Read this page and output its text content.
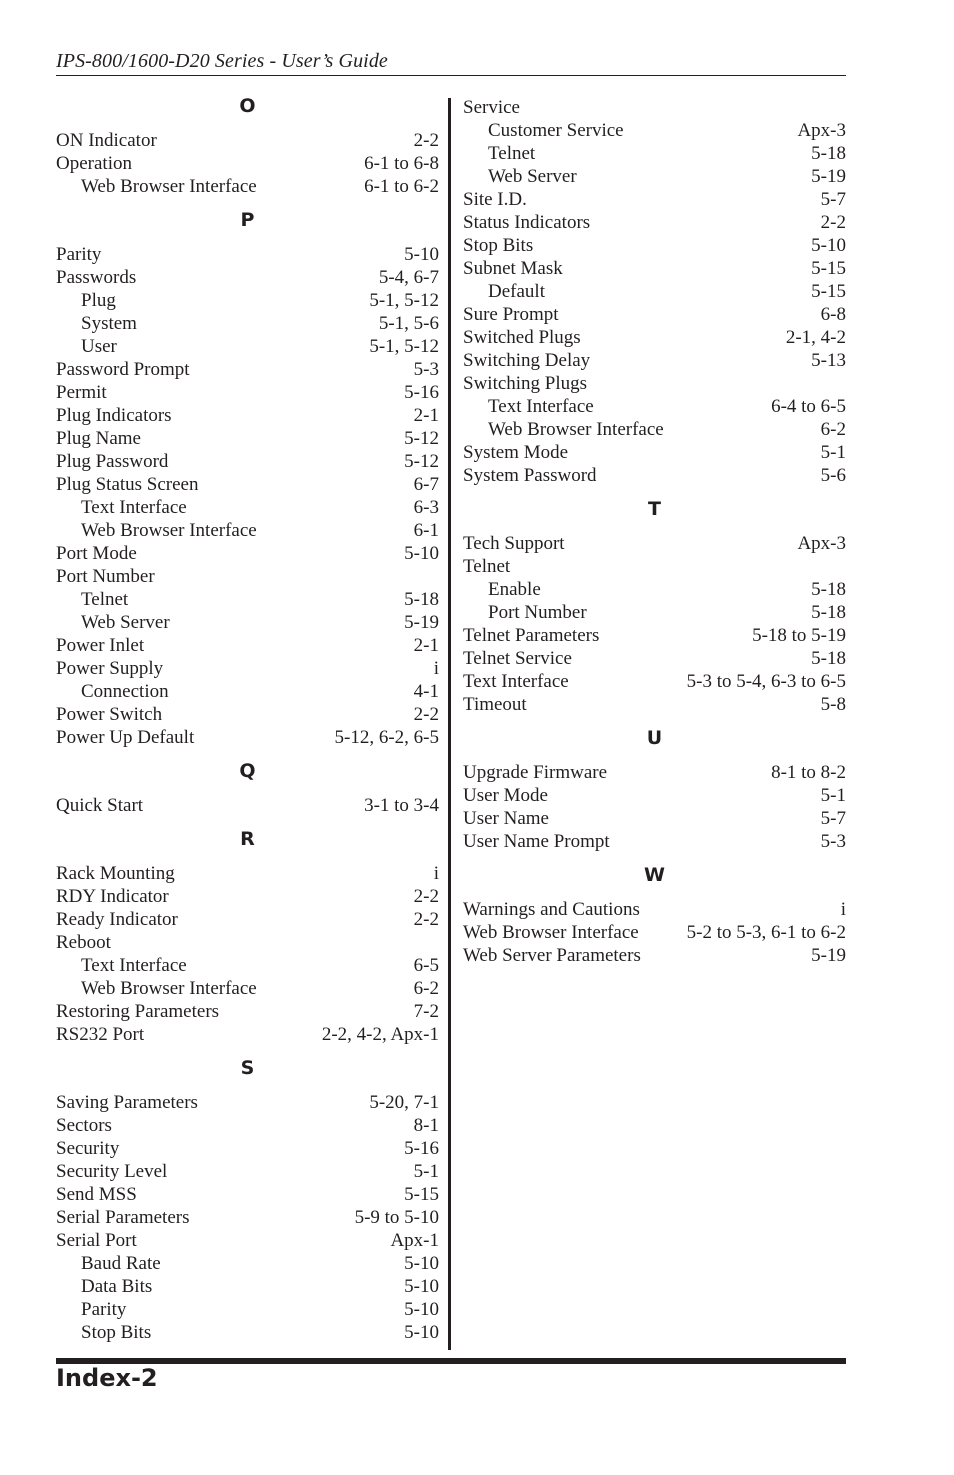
IPS-800/1600-D20 Series - User’s Guide
O
ON Indicator	2-2
Operation	6-1 to 6-8
Web Browser Interface	6-1 to 6-2
P
Parity	5-10
Passwords	5-4, 6-7
Plug	5-1, 5-12
System	5-1, 5-6
User	5-1, 5-12
Password Prompt	5-3
Permit	5-16
Plug Indicators	2-1
Plug Name	5-12
Plug Password	5-12
Plug Status Screen	6-7
Text Interface	6-3
Web Browser Interface	6-1
Port Mode	5-10
Port Number
Telnet	5-18
Web Server	5-19
Power Inlet	2-1
Power Supply	i
Connection	4-1
Power Switch	2-2
Power Up Default	5-12, 6-2, 6-5
Q
Quick Start	3-1 to 3-4
R
Rack Mounting	i
RDY Indicator	2-2
Ready Indicator	2-2
Reboot
Text Interface	6-5
Web Browser Interface	6-2
Restoring Parameters	7-2
RS232 Port	2-2, 4-2, Apx-1
S
Saving Parameters	5-20, 7-1
Sectors	8-1
Security	5-16
Security Level	5-1
Send MSS	5-15
Serial Parameters	5-9 to 5-10
Serial Port	Apx-1
Baud Rate	5-10
Data Bits	5-10
Parity	5-10
Stop Bits	5-10
Service
Customer Service	Apx-3
Telnet	5-18
Web Server	5-19
Site I.D.	5-7
Status Indicators	2-2
Stop Bits	5-10
Subnet Mask	5-15
Default	5-15
Sure Prompt	6-8
Switched Plugs	2-1, 4-2
Switching Delay	5-13
Switching Plugs
Text Interface	6-4 to 6-5
Web Browser Interface	6-2
System Mode	5-1
System Password	5-6
T
Tech Support	Apx-3
Telnet
Enable	5-18
Port Number	5-18
Telnet Parameters	5-18 to 5-19
Telnet Service	5-18
Text Interface	5-3 to 5-4, 6-3 to 6-5
Timeout	5-8
U
Upgrade Firmware	8-1 to 8-2
User Mode	5-1
User Name	5-7
User Name Prompt	5-3
W
Warnings and Cautions	i
Web Browser Interface	5-2 to 5-3, 6-1 to 6-2
Web Server Parameters	5-19
Index-2
